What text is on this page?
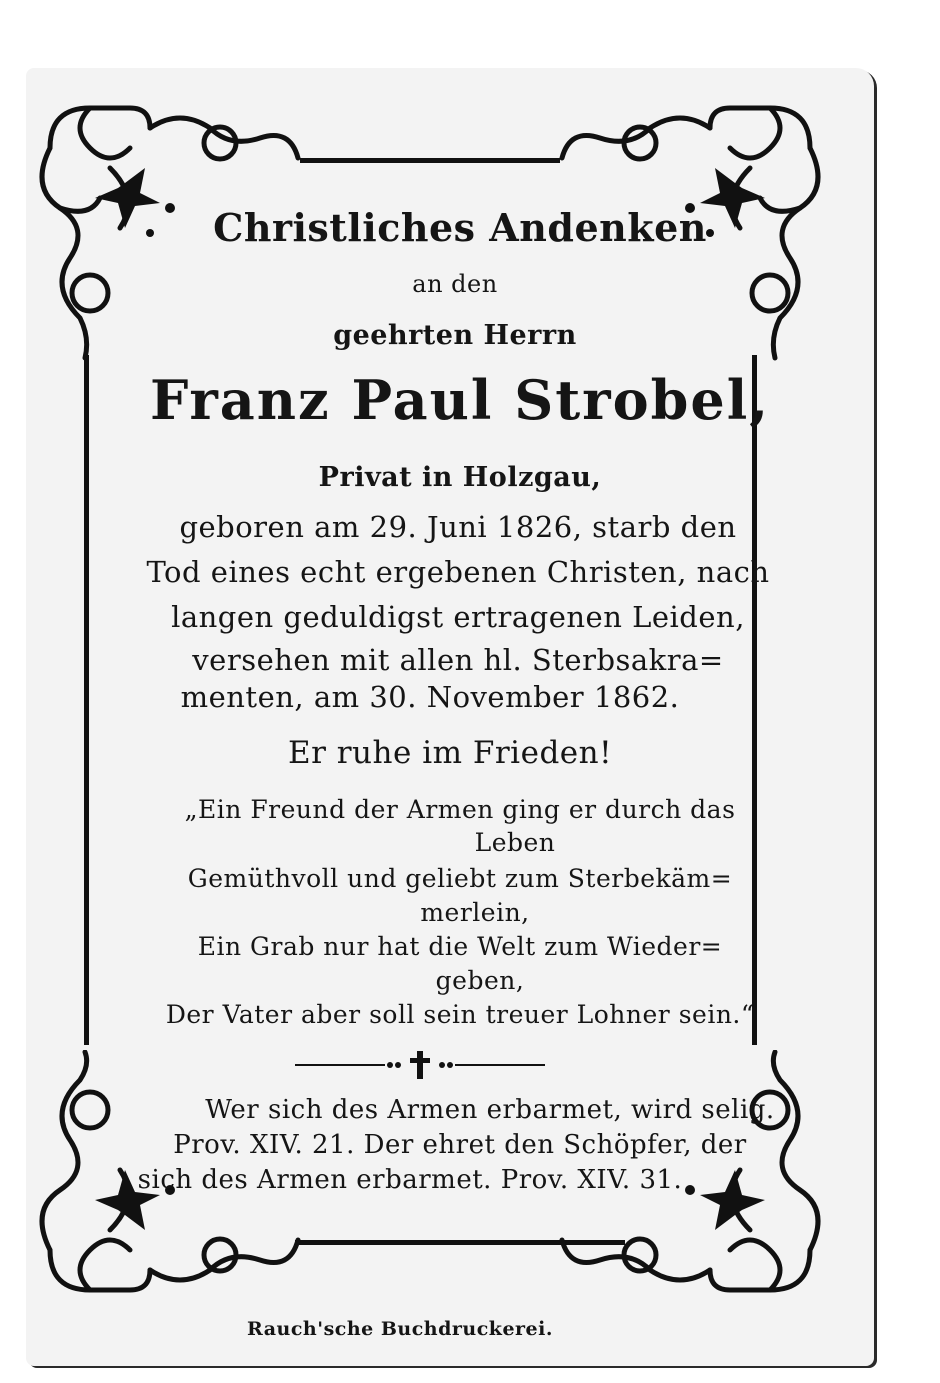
Christliches Andenken
an den
geehrten Herrn
Franz Paul Strobel,
Privat in Holzgau,
geboren am 29. Juni 1826, starb den
Tod eines echt ergebenen Christen, nach
langen geduldigst ertragenen Leiden,
versehen mit allen hl. Sterbsakra=
menten, am 30. November 1862.
Er ruhe im Frieden!
„Ein Freund der Armen ging er durch das
Leben
Gemüthvoll und geliebt zum Sterbekäm=
merlein,
Ein Grab nur hat die Welt zum Wieder=
geben,
Der Vater aber soll sein treuer Lohner sein.“
Wer sich des Armen erbarmet, wird selig.
Prov. XIV. 21. Der ehret den Schöpfer, der
sich des Armen erbarmet. Prov. XIV. 31.
Rauch'sche Buchdruckerei.
